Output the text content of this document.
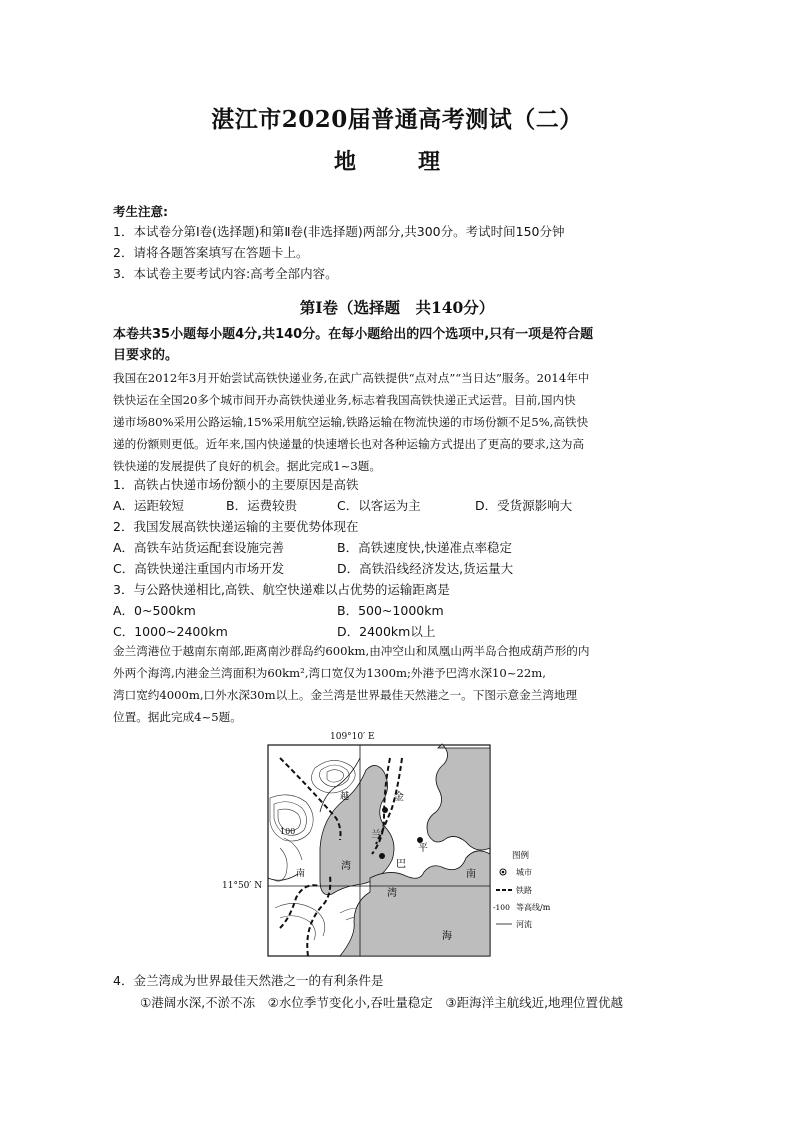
湛江市2020届普通高考测试（二）
地　理
考生注意:
1．本试卷分第Ⅰ卷(选择题)和第Ⅱ卷(非选择题)两部分,共300分。考试时间150分钟
2．请将各题答案填写在答题卡上。
3．本试卷主要考试内容:高考全部内容。
第Ⅰ卷（选择题　共140分）
本卷共35小题每小题4分,共140分。在每小题给出的四个选项中,只有一项是符合题
目要求的。
我国在2012年3月开始尝试高铁快递业务,在武广高铁提供“点对点”“当日达”服务。2014年中
铁快运在全国20多个城市间开办高铁快递业务,标志着我国高铁快递正式运营。目前,国内快
递市场80%采用公路运输,15%采用航空运输,铁路运输在物流快递的市场份额不足5%,高铁快
递的份额则更低。近年来,国内快递量的快速增长也对各种运输方式提出了更高的要求,这为高
铁快递的发展提供了良好的机会。据此完成1~3题。
1．高铁占快递市场份额小的主要原因是高铁
A．运距较短	B．运费较贵	C．以客运为主	D．受货源影响大
2．我国发展高铁快递运输的主要优势体现在
A．高铁车站货运配套设施完善	B．高铁速度快,快递准点率稳定
C．高铁快递注重国内市场开发	D．高铁沿线经济发达,货运量大
3．与公路快递相比,高铁、航空快递难以占优势的运输距离是
A．0~500km	B．500~1000km
C．1000~2400km	D．2400km以上
金兰湾港位于越南东南部,距离南沙群岛约600km,由冲空山和凤凰山两半岛合抱成葫芦形的内
外两个海湾,内港金兰湾面积为60km²,湾口宽仅为1300m;外港予巴湾水深10~22m,
湾口宽约4000m,口外水深30m以上。金兰湾是世界最佳天然港之一。下图示意金兰湾地理
位置。据此完成4~5题。
109°10′ E
11°50′ N
越
南
金
兰
湾
平
巴
湾
南
海
100
图例
城市
铁路
-100 等高线/m
河流
4．金兰湾成为世界最佳天然港之一的有利条件是
①港阔水深,不淤不冻　②水位季节变化小,吞吐量稳定　③距海洋主航线近,地理位置优越
